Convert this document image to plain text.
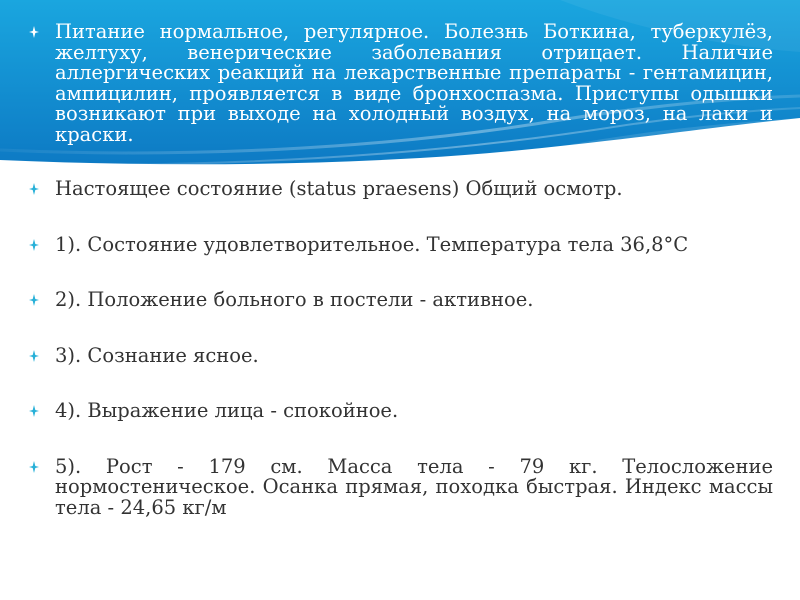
Питание нормальное, регулярное. Болезнь Боткина, туберкулёз, желтуху, венерические заболевания отрицает. Наличие аллергических реакций на лекарственные препараты - гентамицин, ампицилин, проявляется в виде бронхоспазма. Приступы одышки возникают при выходе на холодный воздух, на мороз, на лаки и краски.
Настоящее состояние (status praesens) Общий осмотр.
1). Состояние удовлетворительное. Температура тела 36,8°С
2). Положение больного в постели - активное.
3). Сознание ясное.
4). Выражение лица - спокойное.
5). Рост - 179 см. Масса тела - 79 кг. Телосложение нормостеническое. Осанка прямая, походка быстрая. Индекс массы тела - 24,65 кг/м
